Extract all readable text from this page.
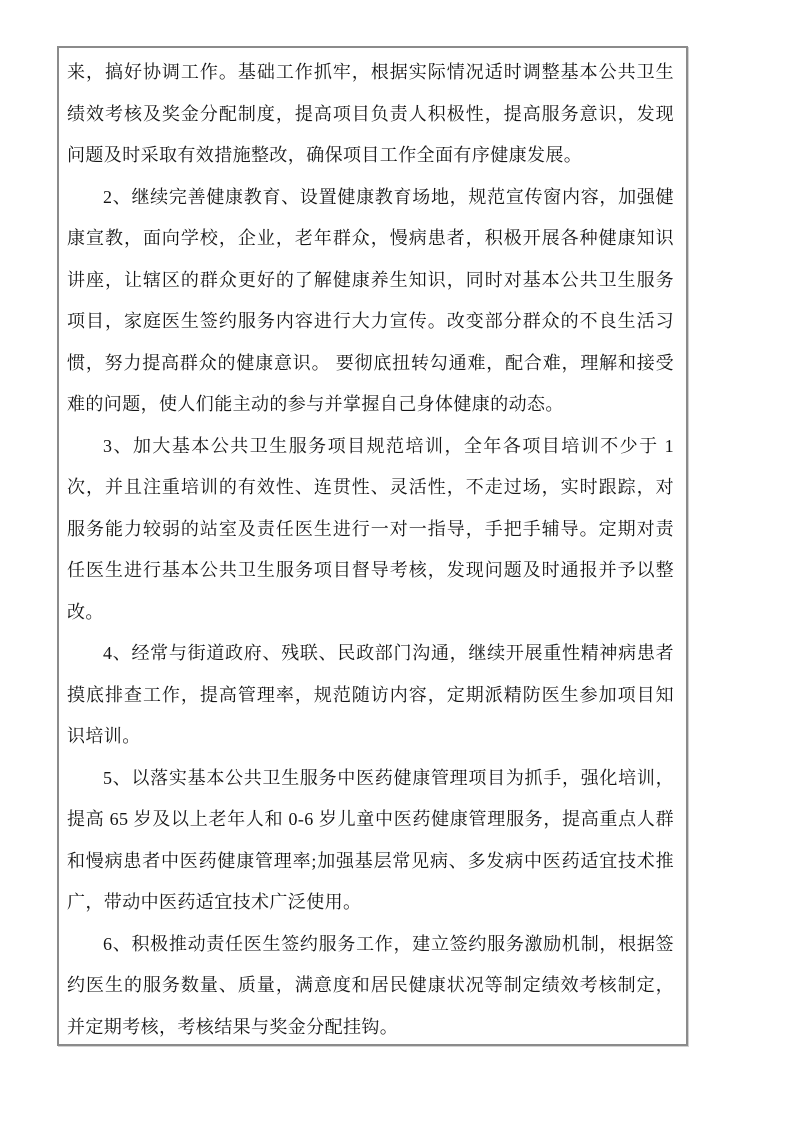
来，搞好协调工作。基础工作抓牢，根据实际情况适时调整基本公共卫生绩效考核及奖金分配制度，提高项目负责人积极性，提高服务意识，发现问题及时采取有效措施整改，确保项目工作全面有序健康发展。

2、继续完善健康教育、设置健康教育场地，规范宣传窗内容，加强健康宣教，面向学校，企业，老年群众，慢病患者，积极开展各种健康知识讲座，让辖区的群众更好的了解健康养生知识，同时对基本公共卫生服务项目，家庭医生签约服务内容进行大力宣传。改变部分群众的不良生活习惯，努力提高群众的健康意识。 要彻底扭转勾通难，配合难，理解和接受难的问题，使人们能主动的参与并掌握自己身体健康的动态。

3、加大基本公共卫生服务项目规范培训，全年各项目培训不少于 1 次，并且注重培训的有效性、连贯性、灵活性，不走过场，实时跟踪，对服务能力较弱的站室及责任医生进行一对一指导，手把手辅导。定期对责任医生进行基本公共卫生服务项目督导考核，发现问题及时通报并予以整改。

4、经常与街道政府、残联、民政部门沟通，继续开展重性精神病患者摸底排查工作，提高管理率，规范随访内容，定期派精防医生参加项目知识培训。

5、以落实基本公共卫生服务中医药健康管理项目为抓手，强化培训，提高 65 岁及以上老年人和 0-6 岁儿童中医药健康管理服务，提高重点人群和慢病患者中医药健康管理率;加强基层常见病、多发病中医药适宜技术推广，带动中医药适宜技术广泛使用。

6、积极推动责任医生签约服务工作，建立签约服务激励机制，根据签约医生的服务数量、质量，满意度和居民健康状况等制定绩效考核制定，并定期考核，考核结果与奖金分配挂钩。
